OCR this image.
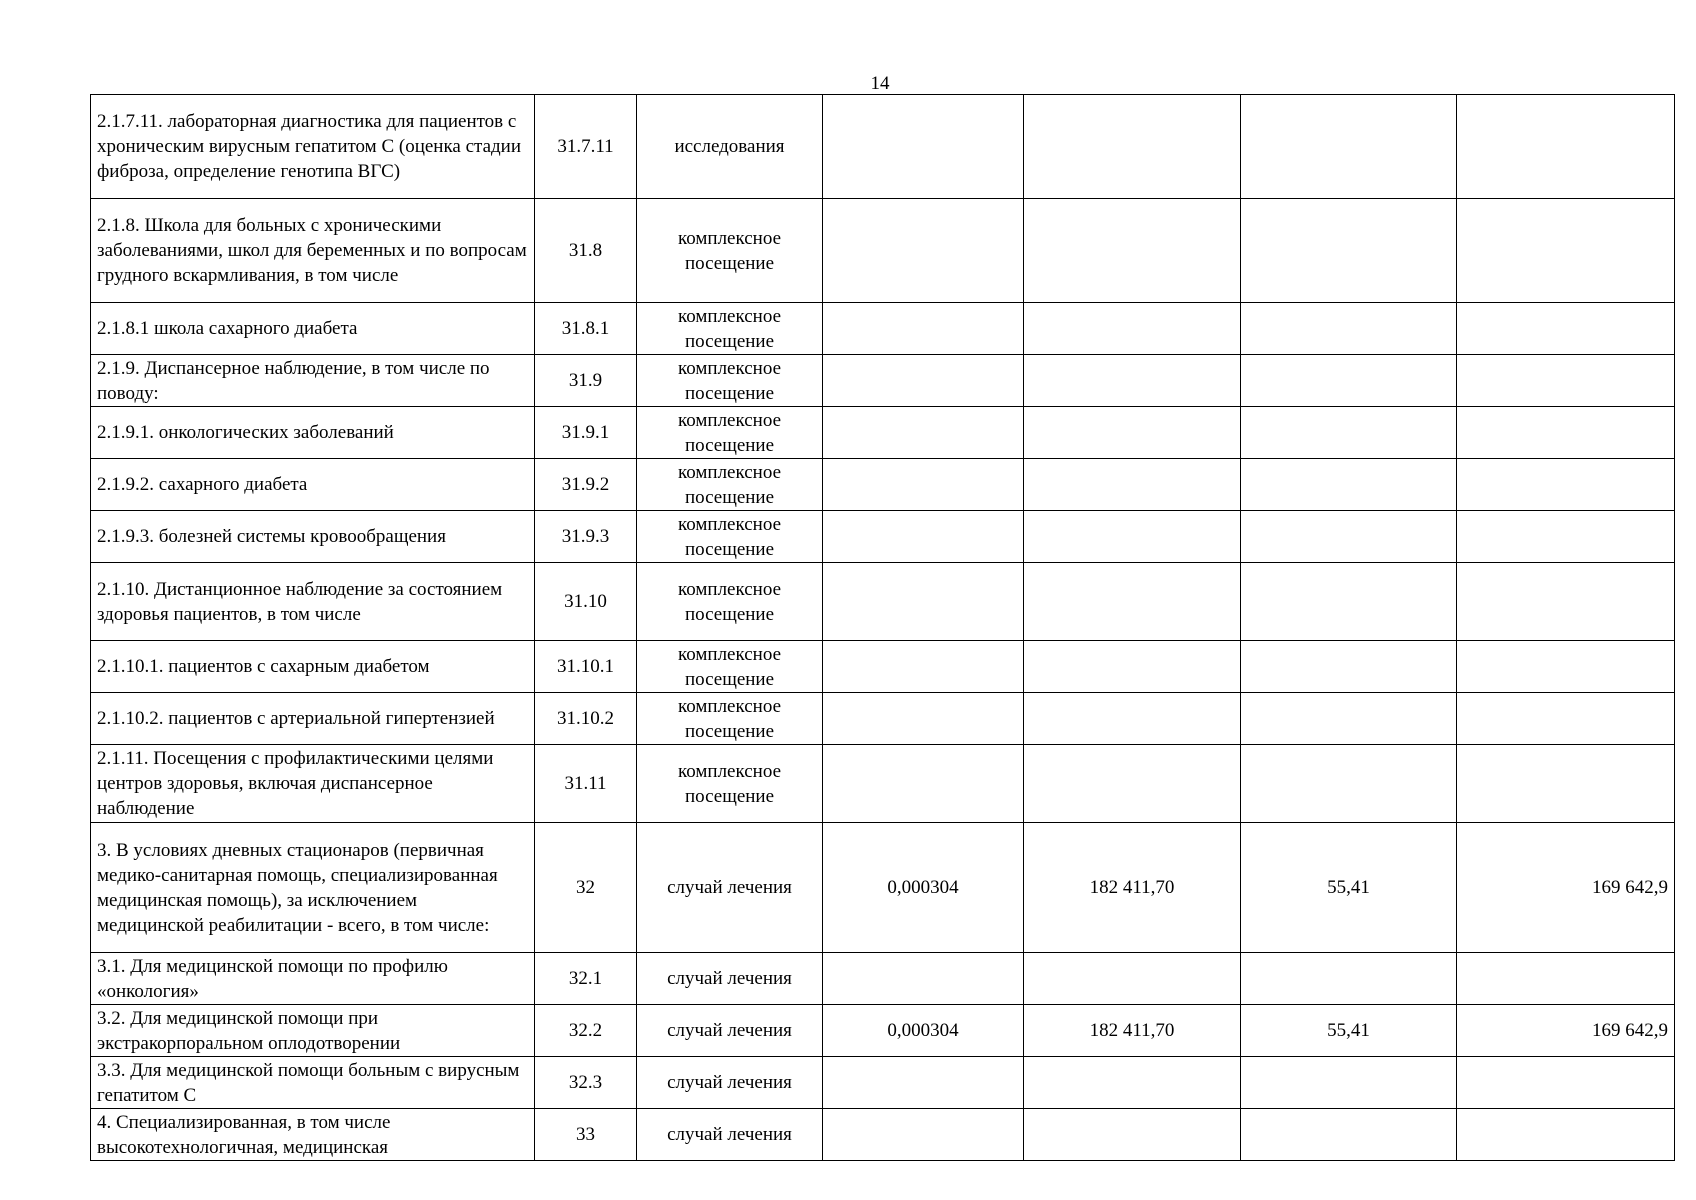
14
2.1.7.11. лабораторная диагностика для пациентов с хроническим вирусным гепатитом С (оценка стадии фиброза, определение генотипа ВГС)	31.7.11	исследования				
2.1.8. Школа для больных с хроническими заболеваниями, школ для беременных и по вопросам грудного вскармливания, в том числе	31.8	комплексное посещение				
2.1.8.1 школа сахарного диабета	31.8.1	комплексное посещение				
2.1.9. Диспансерное наблюдение, в том числе по поводу:	31.9	комплексное посещение				
2.1.9.1. онкологических заболеваний	31.9.1	комплексное посещение				
2.1.9.2. сахарного диабета	31.9.2	комплексное посещение				
2.1.9.3. болезней системы кровообращения	31.9.3	комплексное посещение				
2.1.10. Дистанционное наблюдение за состоянием здоровья пациентов, в том числе	31.10	комплексное посещение				
2.1.10.1. пациентов с сахарным диабетом	31.10.1	комплексное посещение				
2.1.10.2. пациентов с артериальной гипертензией	31.10.2	комплексное посещение				
2.1.11. Посещения с профилактическими целями центров здоровья, включая диспансерное наблюдение	31.11	комплексное посещение				
3. В условиях дневных стационаров (первичная медико-санитарная помощь, специализированная медицинская помощь), за исключением медицинской реабилитации - всего, в том числе:	32	случай лечения	0,000304	182 411,70	55,41	169 642,9
3.1. Для медицинской помощи по профилю «онкология»	32.1	случай лечения				
3.2. Для медицинской помощи при экстракорпоральном оплодотворении	32.2	случай лечения	0,000304	182 411,70	55,41	169 642,9
3.3. Для медицинской помощи больным с вирусным гепатитом С	32.3	случай лечения				
4. Специализированная, в том числе высокотехнологичная, медицинская	33	случай лечения				
